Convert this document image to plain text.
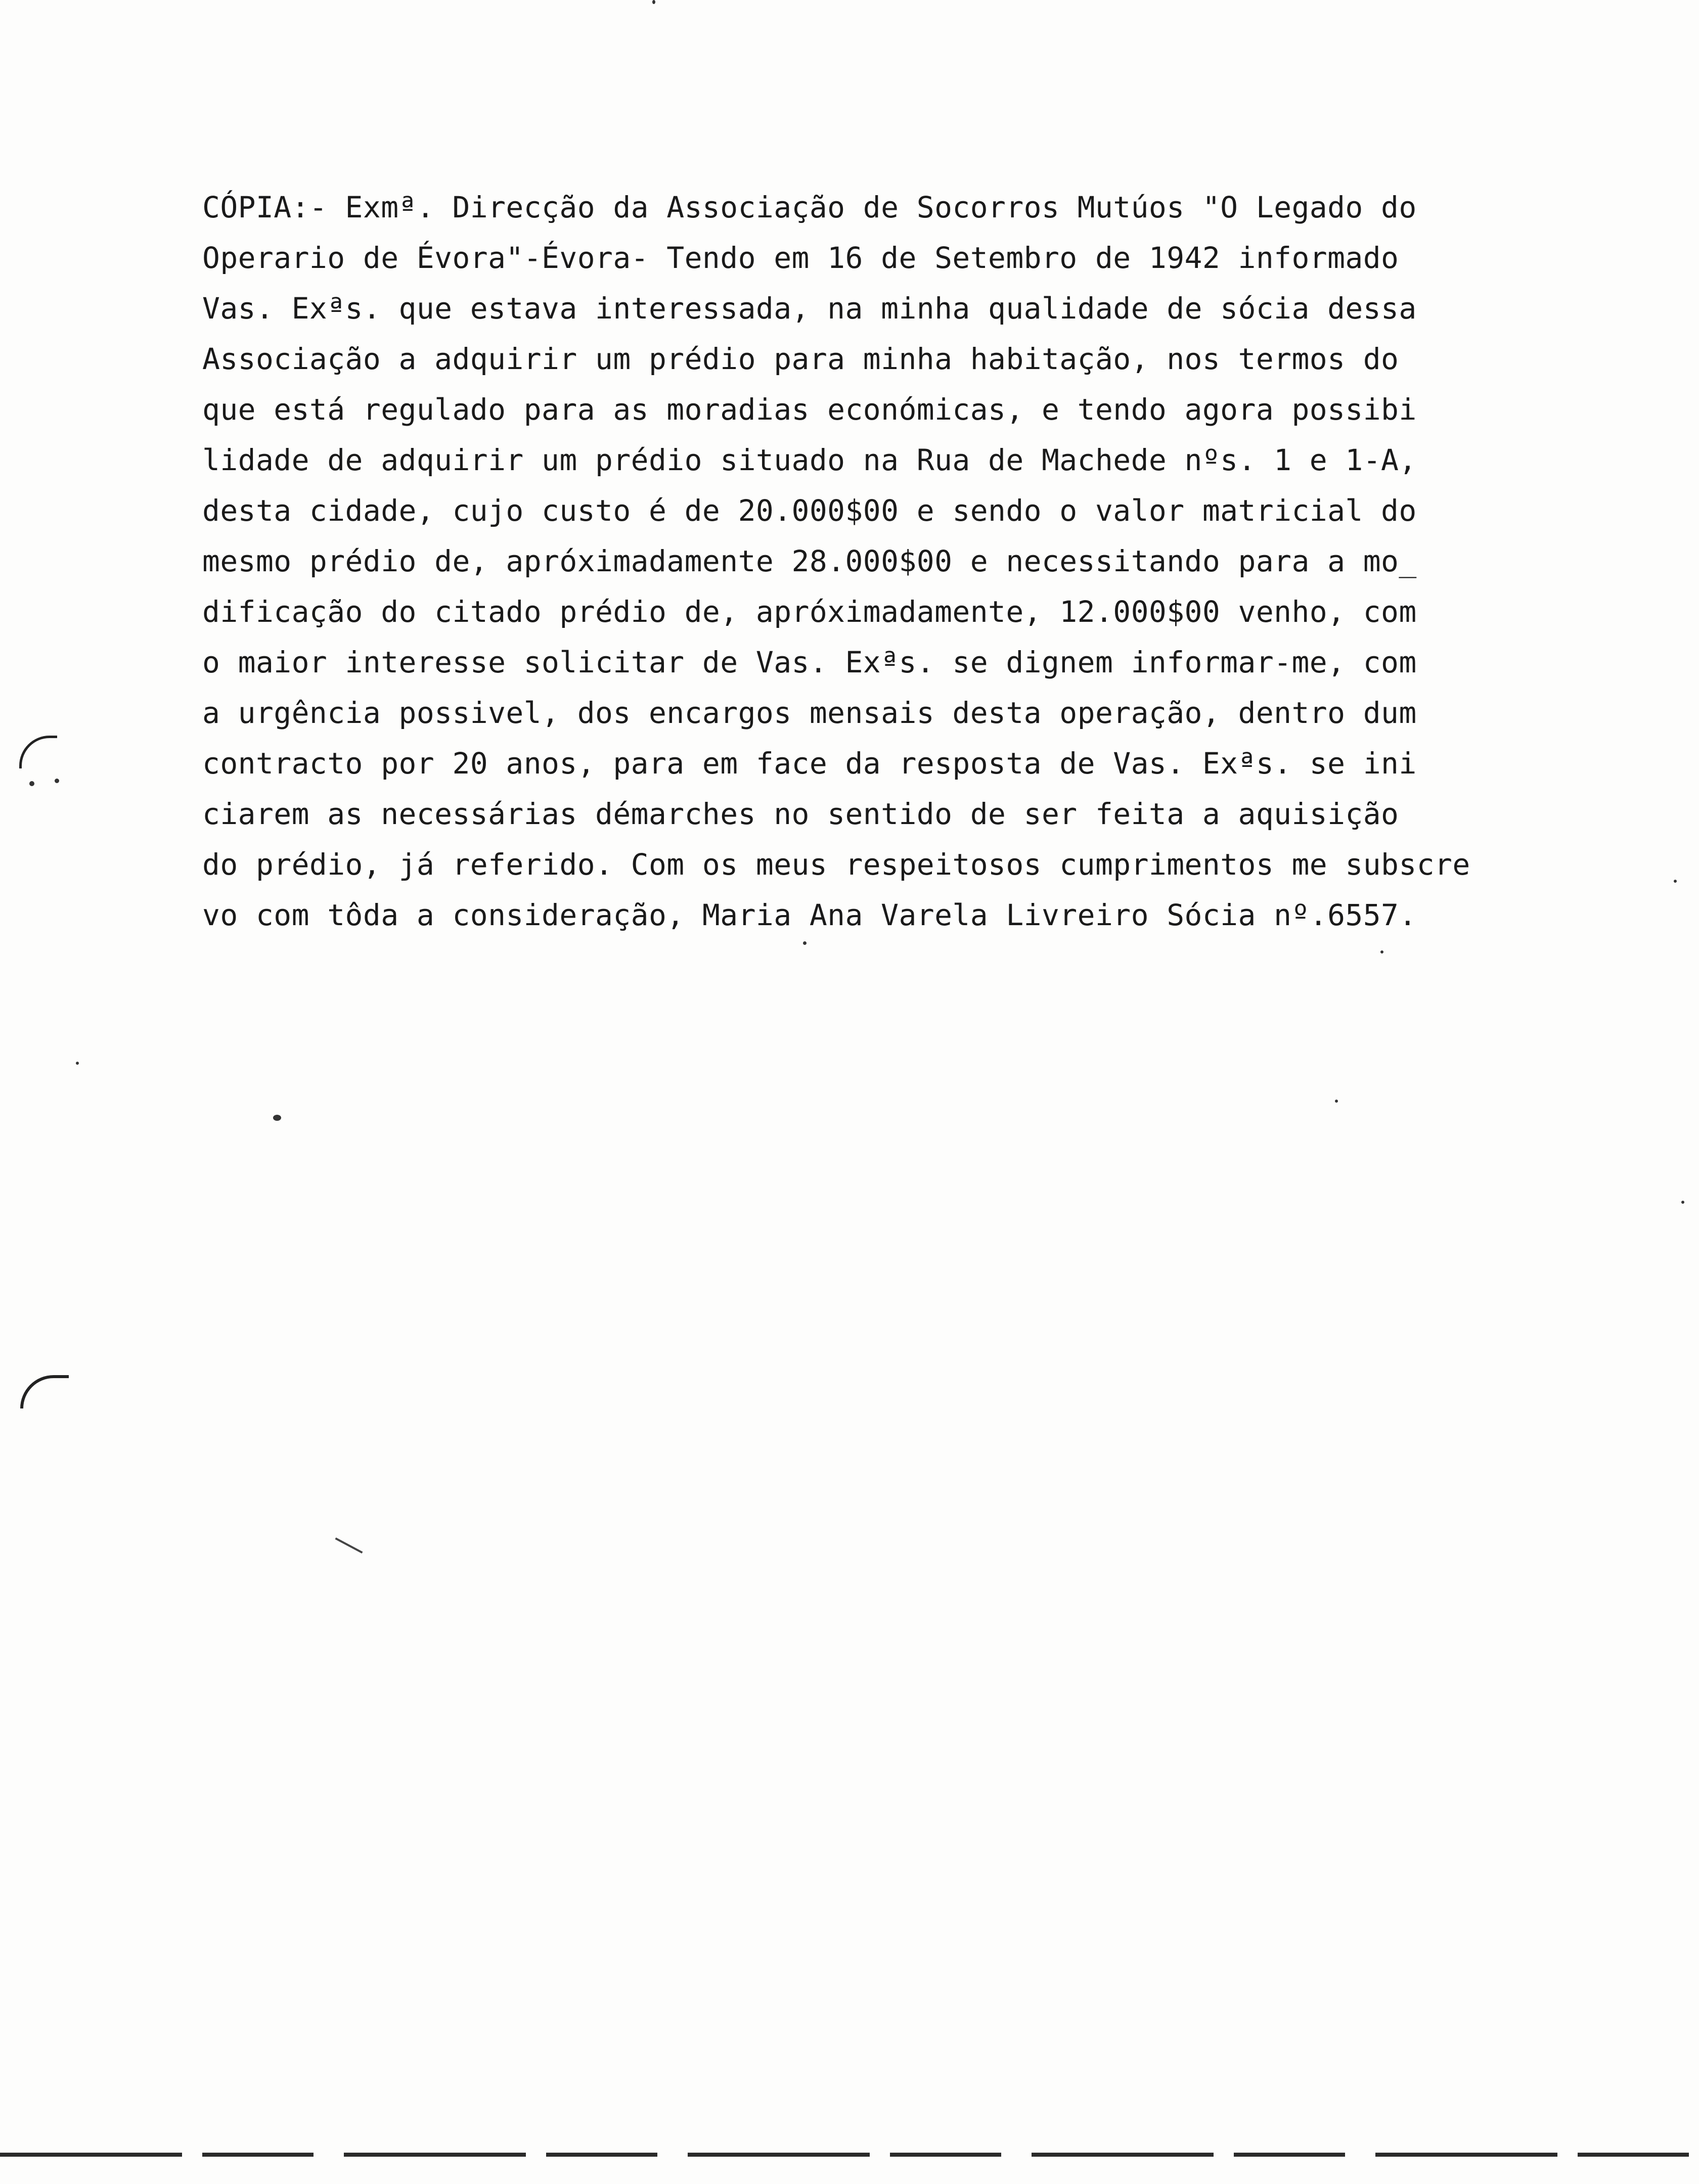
CÓPIA:- Exmª. Direcção da Associação de Socorros Mutúos "O Legado do
Operario de Évora"-Évora- Tendo em 16 de Setembro de 1942 informado
Vas. Exªs. que estava interessada, na minha qualidade de sócia dessa
Associação a adquirir um prédio para minha habitação, nos termos do
que está regulado para as moradias económicas, e tendo agora possibi
lidade de adquirir um prédio situado na Rua de Machede nºs. 1 e 1-A,
desta cidade, cujo custo é de 20.000$00 e sendo o valor matricial do
mesmo prédio de, apróximadamente 28.000$00 e necessitando para a mo_
dificação do citado prédio de, apróximadamente, 12.000$00 venho, com
o maior interesse solicitar de Vas. Exªs. se dignem informar-me, com
a urgência possivel, dos encargos mensais desta operação, dentro dum
contracto por 20 anos, para em face da resposta de Vas. Exªs. se ini
ciarem as necessárias démarches no sentido de ser feita a aquisição
do prédio, já referido. Com os meus respeitosos cumprimentos me subscre
vo com tôda a consideração, Maria Ana Varela Livreiro Sócia nº.6557.
